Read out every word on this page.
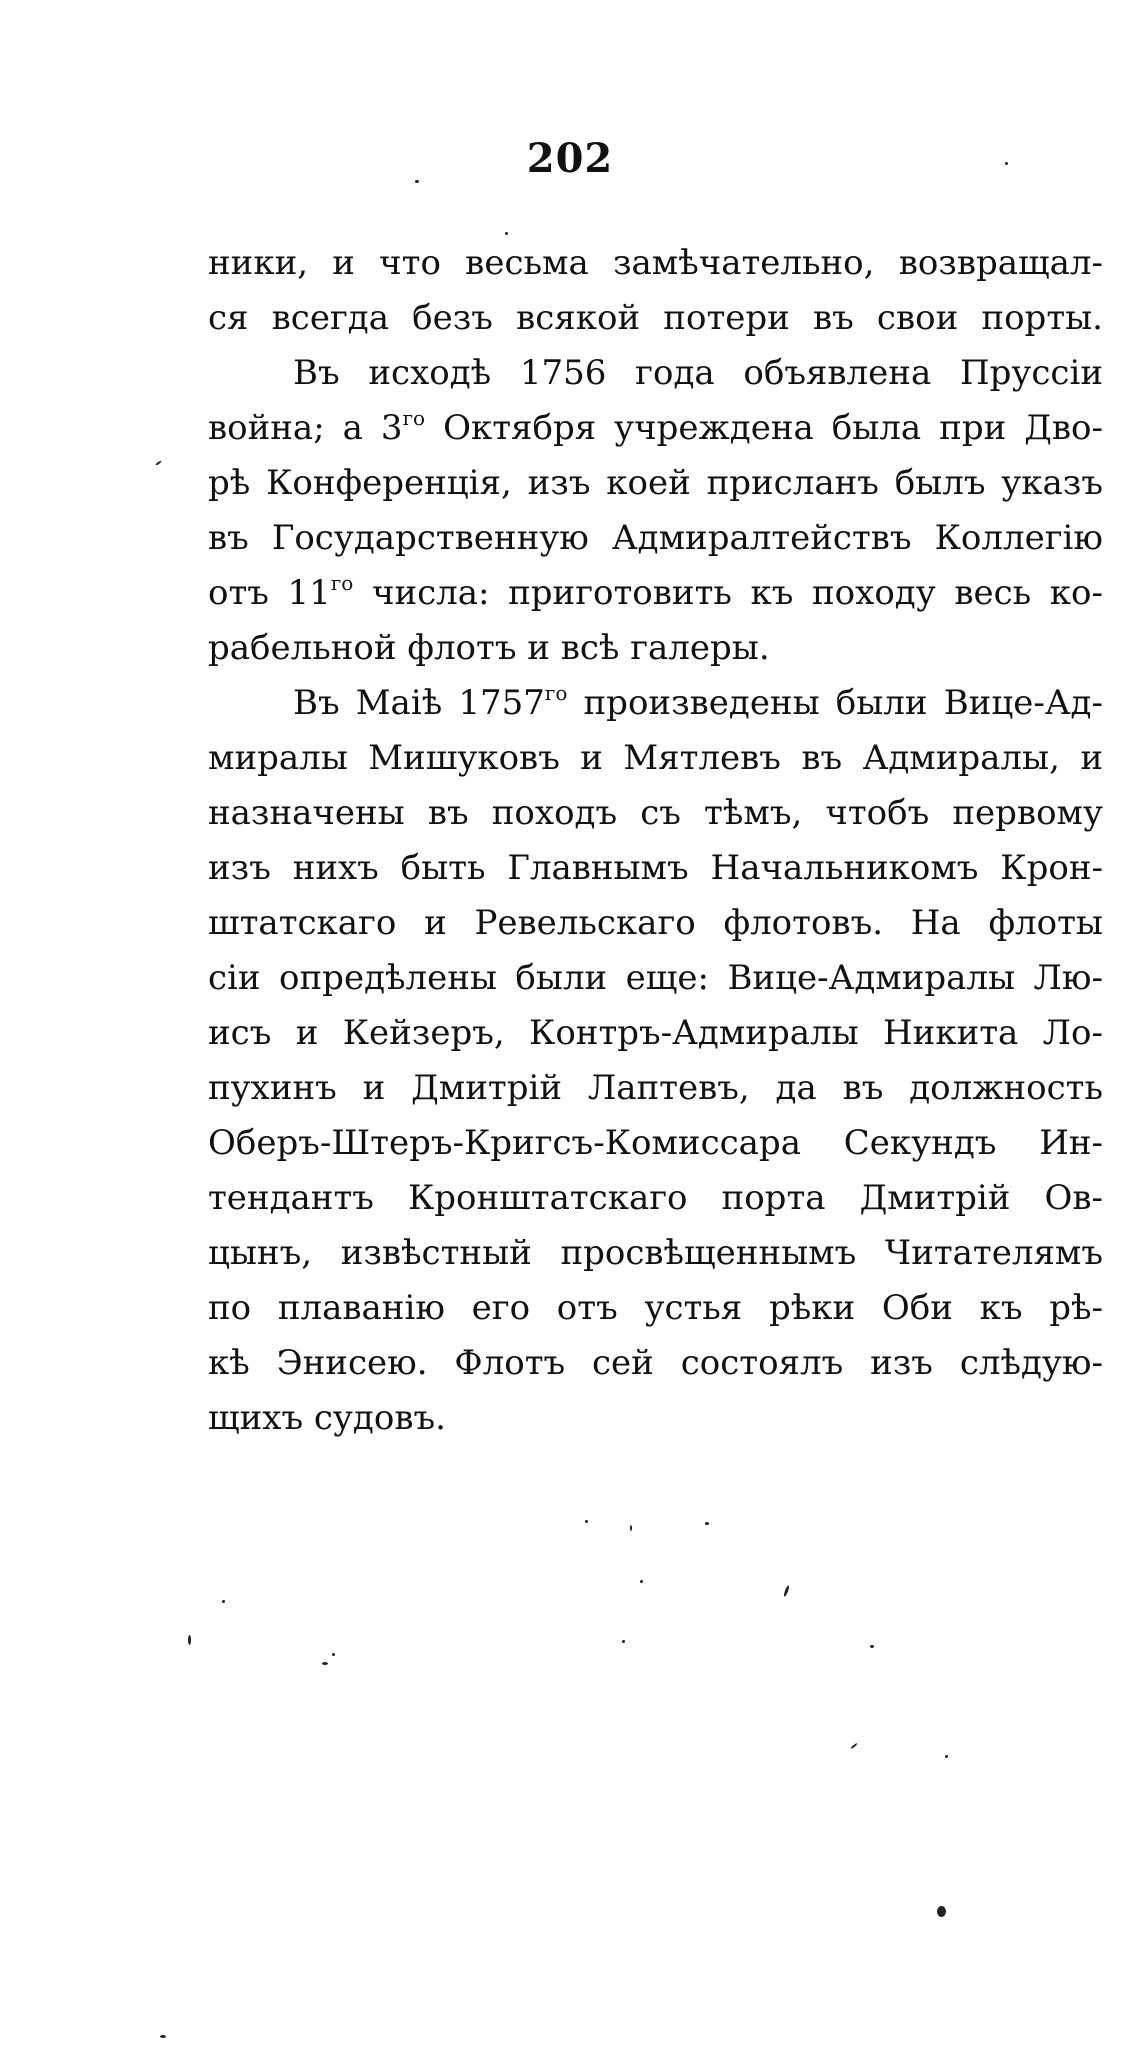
202
ники, и что весьма замѣчательно, возвращал-
ся всегда безъ всякой потери въ свои порты.
Въ исходѣ 1756 года объявлена Пруссіи
война; а $3^{го}$ Октября учреждена была при Дво-
рѣ Конференція, изъ коей присланъ былъ указъ
въ Государственную Адмиралтействъ Коллегію
отъ $11^{го}$ числа: приготовить къ походу весь ко-
рабельной флотъ и всѣ галеры.
Въ Маіѣ $1757^{го}$ произведены были Вице-Ад-
миралы Мишуковъ и Мятлевъ въ Адмиралы, и
назначены въ походъ съ тѣмъ, чтобъ первому
изъ нихъ быть Главнымъ Начальникомъ Крон-
штатскаго и Ревельскаго флотовъ. На флоты
сіи опредѣлены были еще: Вице-Адмиралы Лю-
исъ и Кейзеръ, Контръ-Адмиралы Никита Ло-
пухинъ и Дмитрій Лаптевъ, да въ должность
Оберъ-Штеръ-Кригсъ-Комиссара Секундъ Ин-
тендантъ Кронштатскаго порта Дмитрій Ов-
цынъ, извѣстный просвѣщеннымъ Читателямъ
по плаванію его отъ устья рѣки Оби къ рѣ-
кѣ Энисею. Флотъ сей состоялъ изъ слѣдую-
щихъ судовъ.
